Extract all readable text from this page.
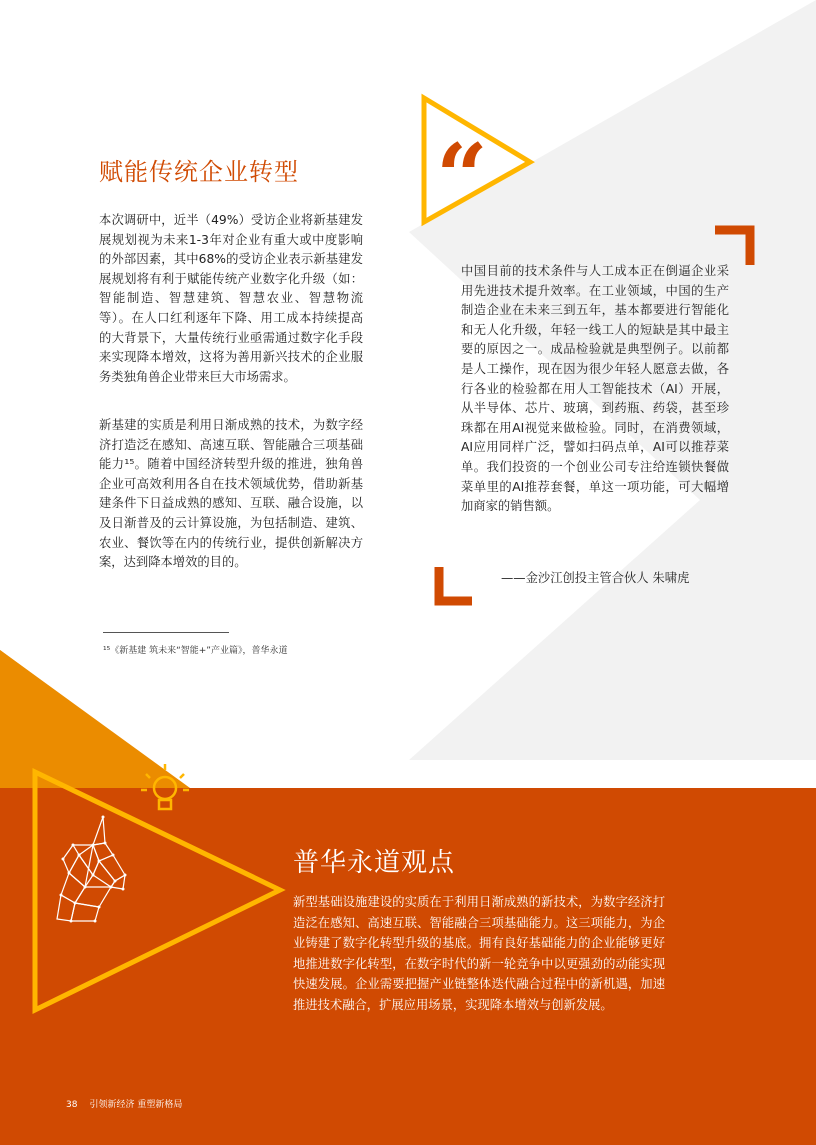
“
赋能传统企业转型

本次调研中，近半（49%）受访企业将新基建发展规划视为未来1-3年对企业有重大或中度影响的外部因素，其中68%的受访企业表示新基建发展规划将有利于赋能传统产业数字化升级（如：智能制造、智慧建筑、智慧农业、智慧物流等）。在人口红利逐年下降、用工成本持续提高的大背景下，大量传统行业亟需通过数字化手段来实现降本增效，这将为善用新兴技术的企业服务类独角兽企业带来巨大市场需求。

新基建的实质是利用日渐成熟的技术，为数字经济打造泛在感知、高速互联、智能融合三项基础能力¹⁵。随着中国经济转型升级的推进，独角兽企业可高效利用各自在技术领域优势，借助新基建条件下日益成熟的感知、互联、融合设施，以及日渐普及的云计算设施，为包括制造、建筑、农业、餐饮等在内的传统行业，提供创新解决方案，达到降本增效的目的。

¹⁵《新基建 筑未来“智能+”产业篇》，普华永道

中国目前的技术条件与人工成本正在倒逼企业采用先进技术提升效率。在工业领域，中国的生产制造企业在未来三到五年，基本都要进行智能化和无人化升级，年轻一线工人的短缺是其中最主要的原因之一。成品检验就是典型例子。以前都是人工操作，现在因为很少年轻人愿意去做，各行各业的检验都在用人工智能技术（AI）开展，从半导体、芯片、玻璃，到药瓶、药袋，甚至珍珠都在用AI视觉来做检验。同时，在消费领域，AI应用同样广泛，譬如扫码点单，AI可以推荐菜单。我们投资的一个创业公司专注给连锁快餐做菜单里的AI推荐套餐，单这一项功能，可大幅增加商家的销售额。

——金沙江创投主管合伙人 朱啸虎

普华永道观点

新型基础设施建设的实质在于利用日渐成熟的新技术，为数字经济打造泛在感知、高速互联、智能融合三项基础能力。这三项能力，为企业铸建了数字化转型升级的基底。拥有良好基础能力的企业能够更好地推进数字化转型，在数字时代的新一轮竞争中以更强劲的动能实现快速发展。企业需要把握产业链整体迭代融合过程中的新机遇，加速推进技术融合，扩展应用场景，实现降本增效与创新发展。

38 引领新经济 重塑新格局
